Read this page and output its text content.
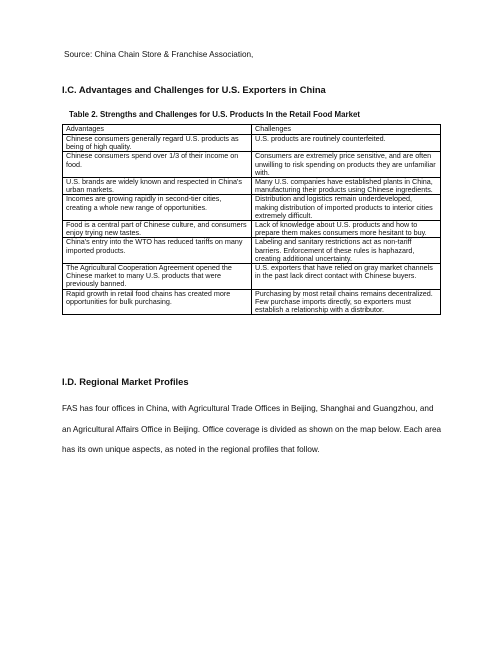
Source: China Chain Store & Franchise Association,
I.C. Advantages and Challenges for U.S. Exporters in China
Table 2. Strengths and Challenges for U.S. Products In the Retail Food Market
Advantages	Challenges
Chinese consumers generally regard U.S. products as being of high quality.	U.S. products are routinely counterfeited.
Chinese consumers spend over 1/3 of their income on food.	Consumers are extremely price sensitive, and are often unwilling to risk spending on products they are unfamiliar with.
U.S. brands are widely known and respected in China's urban markets.	Many U.S. companies have established plants in China, manufacturing their products using Chinese ingredients.
Incomes are growing rapidly in second-tier cities, creating a whole new range of opportunities.	Distribution and logistics remain underdeveloped, making distribution of imported products to interior cities extremely difficult.
Food is a central part of Chinese culture, and consumers enjoy trying new tastes.	Lack of knowledge about U.S. products and how to prepare them makes consumers more hesitant to buy.
China's entry into the WTO has reduced tariffs on many imported products.	Labeling and sanitary restrictions act as non-tariff barriers. Enforcement of these rules is haphazard, creating additional uncertainty.
The Agricultural Cooperation Agreement opened the Chinese market to many U.S. products that were previously banned.	U.S. exporters that have relied on gray market channels in the past lack direct contact with Chinese buyers.
Rapid growth in retail food chains has created more opportunities for bulk purchasing.	Purchasing by most retail chains remains decentralized. Few purchase imports directly, so exporters must establish a relationship with a distributor.
I.D. Regional Market Profiles

FAS has four offices in China, with Agricultural Trade Offices in Beijing, Shanghai and Guangzhou, and an Agricultural Affairs Office in Beijing. Office coverage is divided as shown on the map below. Each area has its own unique aspects, as noted in the regional profiles that follow.
